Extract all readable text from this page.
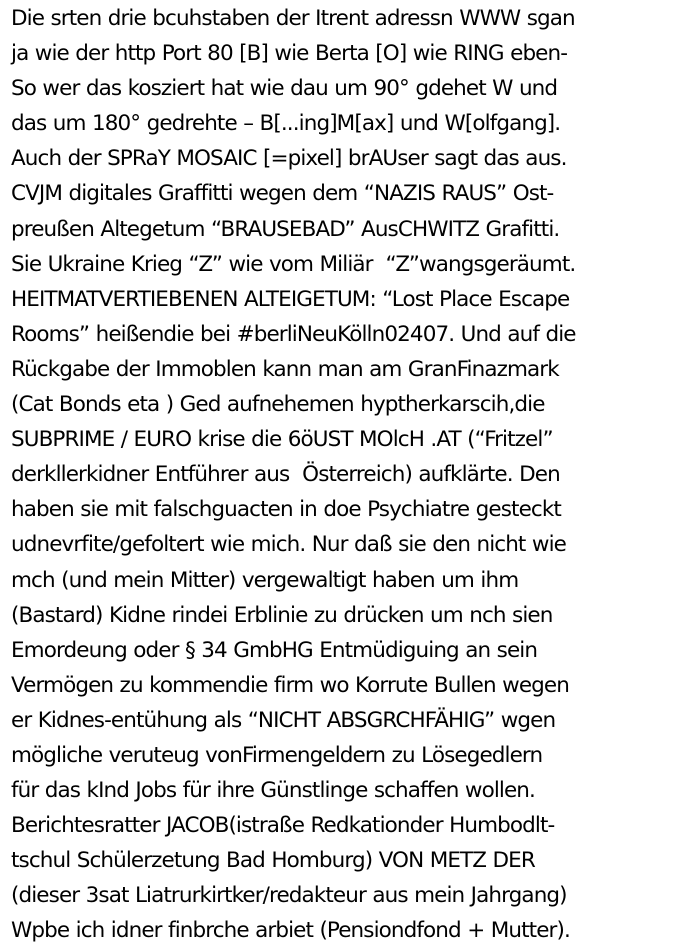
Die srten drie bcuhstaben der Itrent adressn WWW sgan
ja wie der http Port 80 [B] wie Berta [O] wie RING eben-
So wer das kosziert hat wie dau um 90° gdehet W und
das um 180° gedrehte – B[...ing]M[ax] und W[olfgang].
Auch der SPRaY MOSAIC [=pixel] brAUser sagt das aus.
CVJM digitales Graffitti wegen dem “NAZIS RAUS” Ost-
preußen Altegetum “BRAUSEBAD” AusCHWITZ Grafitti.
Sie Ukraine Krieg “Z” wie vom Miliär  “Z”wangsgeräumt.
HEITMATVERTIEBENEN ALTEIGETUM: “Lost Place Escape
Rooms” heißendie bei #berliNeuKölln02407. Und auf die
Rückgabe der Immoblen kann man am GranFinazmark
(Cat Bonds eta ) Ged aufnehemen hyptherkarscih,die
SUBPRIME / EURO krise die 6öUST MOlcH .AT (“Fritzel”
derkllerkidner Entführer aus  Österreich) aufklärte. Den
haben sie mit falschguacten in doe Psychiatre gesteckt
udnevrfite/gefoltert wie mich. Nur daß sie den nicht wie
mch (und mein Mitter) vergewaltigt haben um ihm
(Bastard) Kidne rindei Erblinie zu drücken um nch sien
Emordeung oder § 34 GmbHG Entmüdiguing an sein
Vermögen zu kommendie firm wo Korrute Bullen wegen
er Kidnes-entühung als “NICHT ABSGRCHFÄHIG” wgen
mögliche veruteug vonFirmengeldern zu Lösegedlern
für das kInd Jobs für ihre Günstlinge schaffen wollen.
Berichtesratter JACOB(istraße Redkationder Humbodlt-
tschul Schülerzetung Bad Homburg) VON METZ DER
(dieser 3sat Liatrurkirtker/redakteur aus mein Jahrgang)
Wpbe ich idner finbrche arbiet (Pensiondfond + Mutter).
